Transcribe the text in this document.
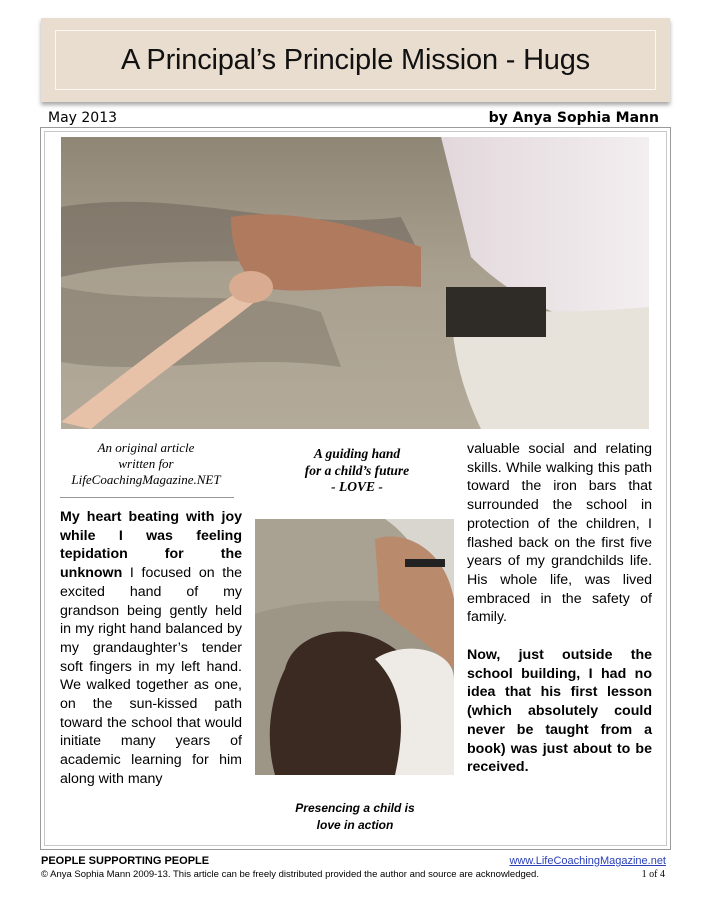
A Principal’s Principle Mission - Hugs
May 2013	by Anya Sophia Mann
An original article
written for
LifeCoachingMagazine.NET
My heart beating with joy while I was feeling tepidation for the unknown I focused on the excited hand of my grandson being gently held in my right hand balanced by my grandaughter’s tender soft fingers in my left hand. We walked together as one, on the sun-kissed path toward the school that would initiate many years of academic learning for him along with many
A guiding hand
for a child’s future
- LOVE -
Presencing a child is
love in action

valuable social and relating skills. While walking this path toward the iron bars that surrounded the school in protection of the children, I flashed back on the first five years of my grandchilds life. His whole life, was lived embraced in the safety of family.

Now, just outside the school building, I had no idea that his first lesson (which absolutely could never be taught from a book) was just about to be received.

PEOPLE SUPPORTING PEOPLE	www.LifeCoachingMagazine.net
© Anya Sophia Mann 2009-13. This article can be freely distributed provided the author and source are acknowledged.	1 of 4
